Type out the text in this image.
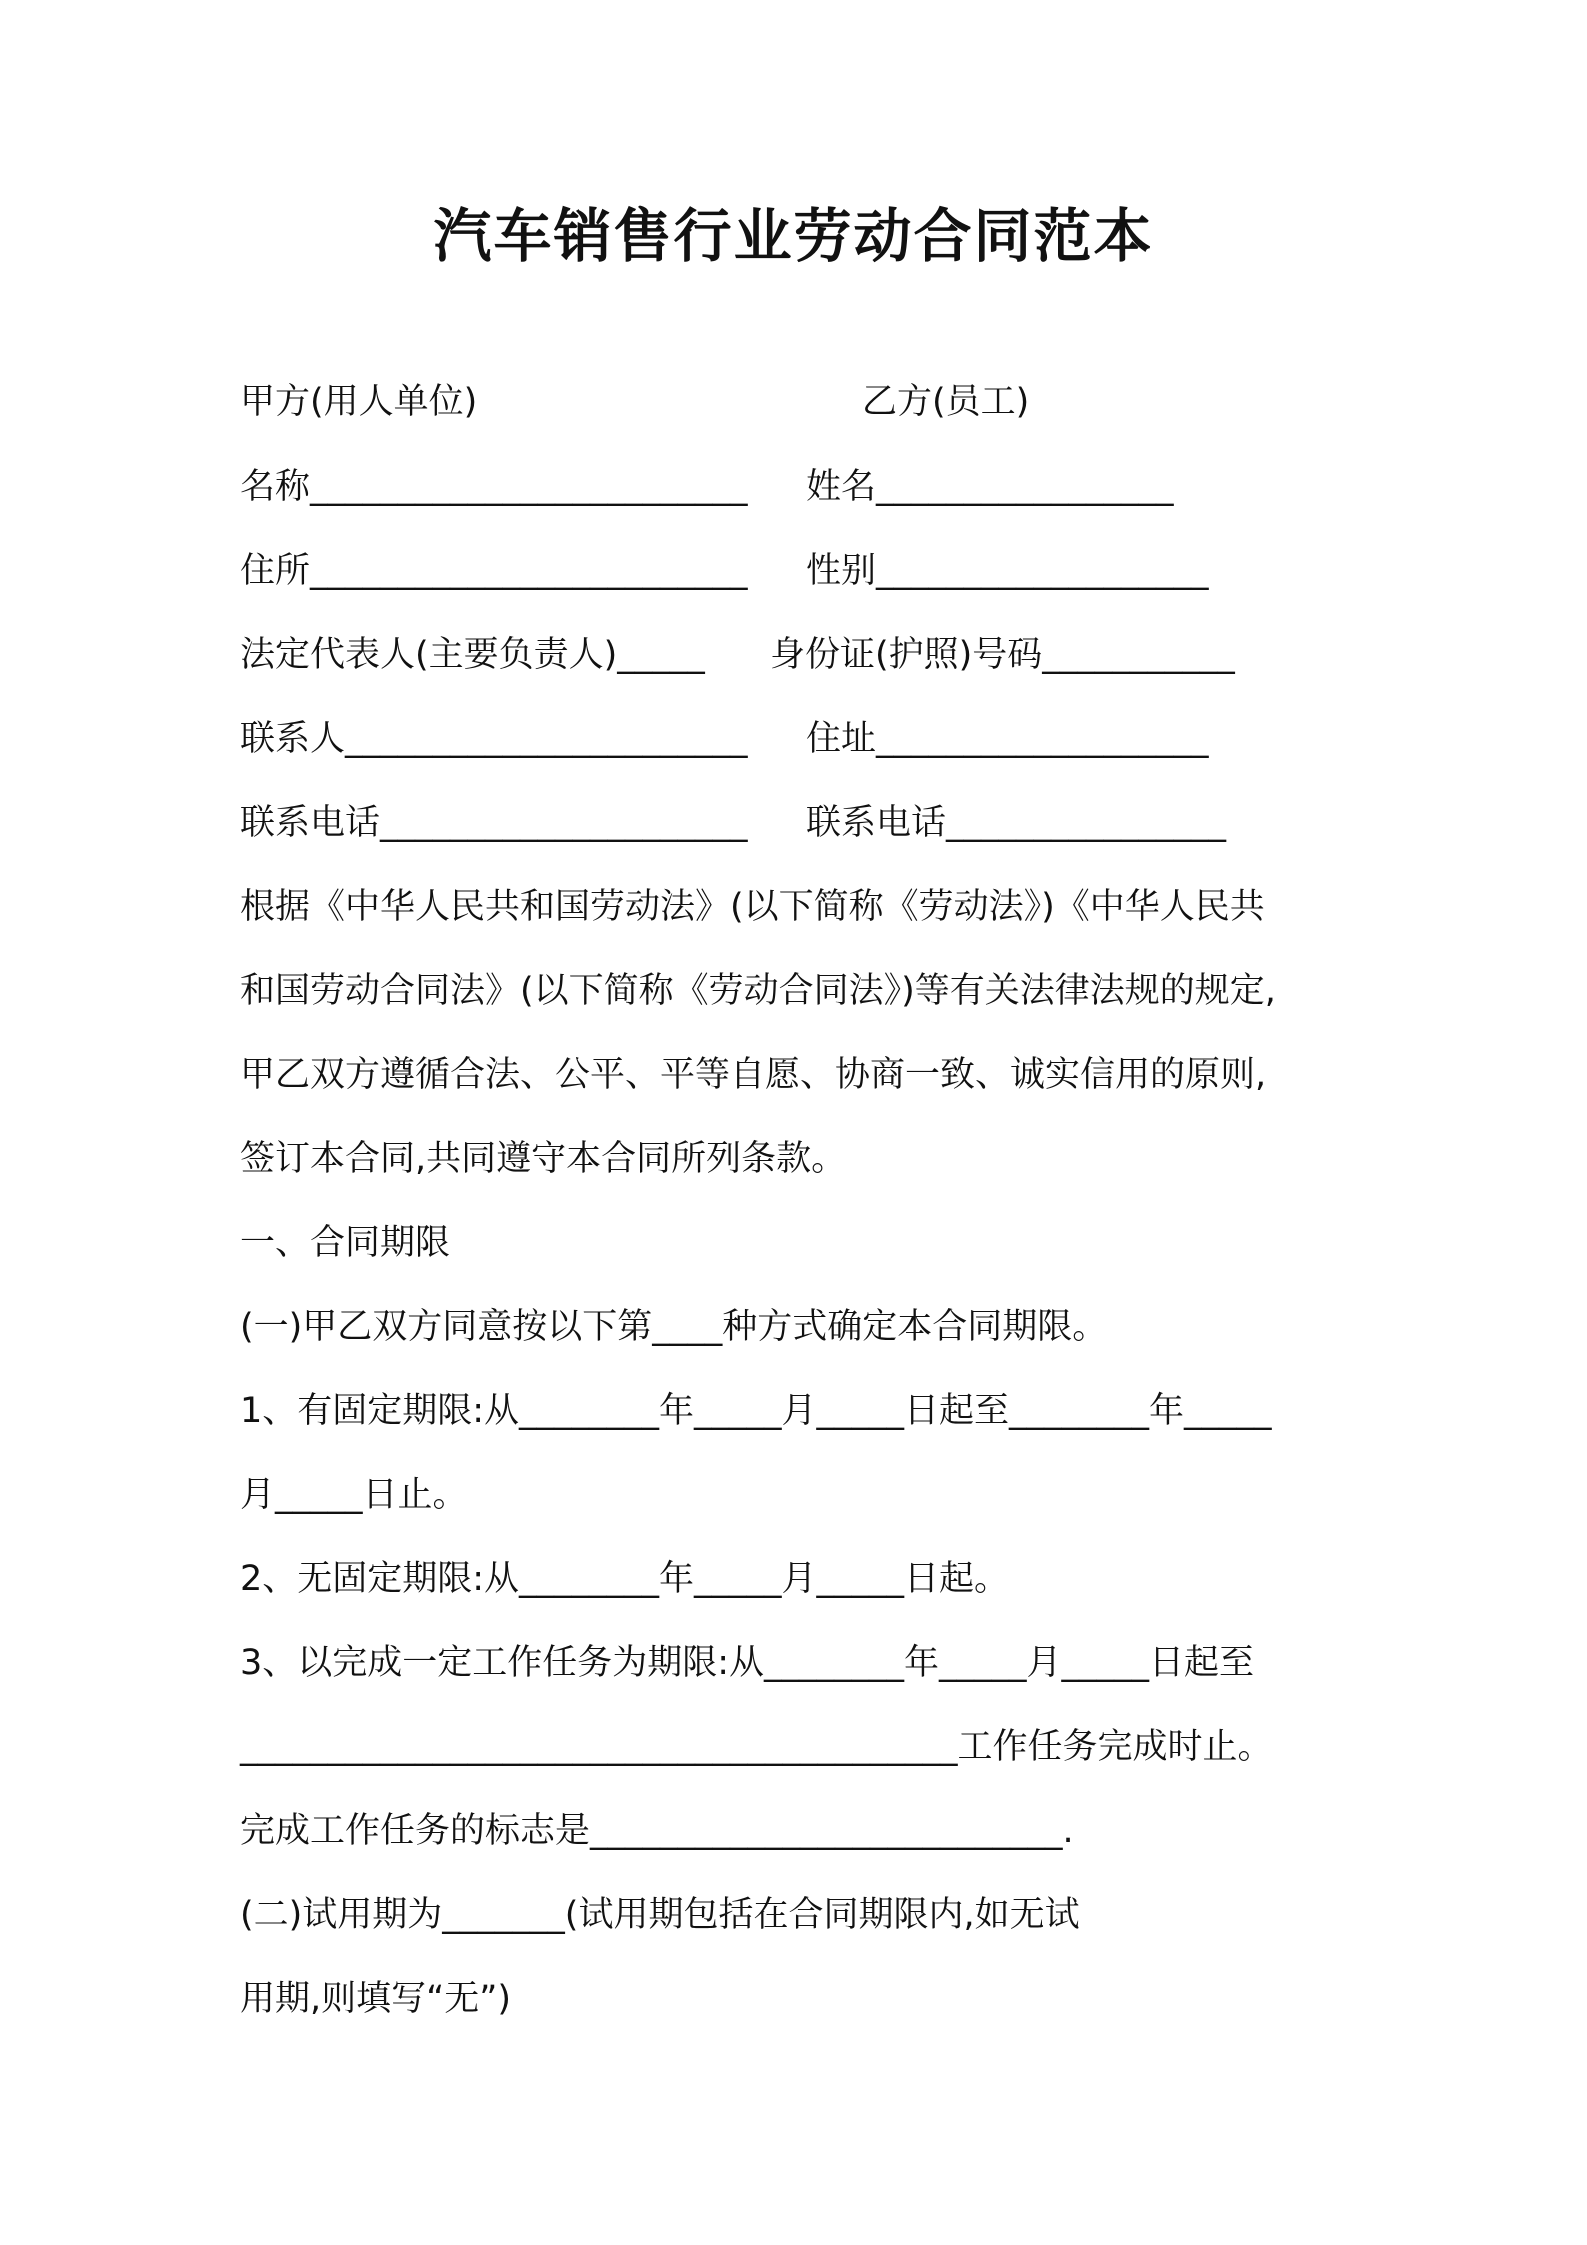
汽车销售行业劳动合同范本
甲方(用人单位)	乙方(员工)
名称_________________________ 姓名_________________
住所_________________________ 性别___________________
法定代表人(主要负责人)_____ 身份证(护照)号码___________
联系人_______________________ 住址___________________
联系电话_____________________ 联系电话________________
根据《中华人民共和国劳动法》(以下简称《劳动法》)《中华人民共
和国劳动合同法》(以下简称《劳动合同法》)等有关法律法规的规定,
甲乙双方遵循合法、公平、平等自愿、协商一致、诚实信用的原则,
签订本合同,共同遵守本合同所列条款。
一、合同期限
(一)甲乙双方同意按以下第____种方式确定本合同期限。
1、有固定期限:从________年_____月_____日起至________年_____
月_____日止。
2、无固定期限:从________年_____月_____日起。
3、以完成一定工作任务为期限:从________年_____月_____日起至
_________________________________________工作任务完成时止。
完成工作任务的标志是___________________________.
(二)试用期为_______(试用期包括在合同期限内,如无试
用期,则填写“无”)
